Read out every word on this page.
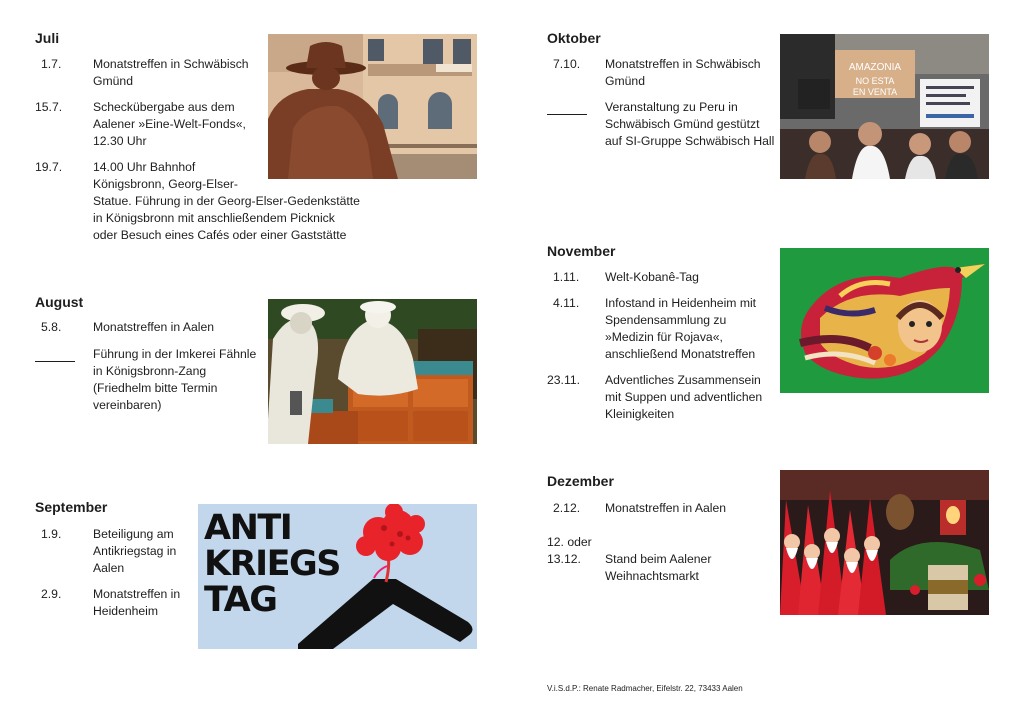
Juli
1.7.	Monatstreffen in Schwäbisch
Gmünd
15.7.	Scheckübergabe aus dem
Aalener »Eine-Welt-Fonds«,
12.30 Uhr
19.7.	14.00 Uhr Bahnhof
Königsbronn, Georg-Elser-
Statue. Führung in der Georg-Elser-Gedenkstätte
in Königsbronn mit anschließendem Picknick
oder Besuch eines Cafés oder einer Gaststätte
August
5.8.	Monatstreffen in Aalen
Führung in der Imkerei Fähnle
in Königsbronn-Zang
(Friedhelm bitte Termin
vereinbaren)
September
1.9.	Beteiligung am
Antikriegstag in
Aalen
2.9.	Monatstreffen in
Heidenheim
ANTI
KRIEGS
TAG
Oktober
7.10. Monatstreffen in Schwäbisch
Gmünd
Veranstaltung zu Peru in
Schwäbisch Gmünd gestützt
auf SI-Gruppe Schwäbisch Hall
AMAZONIA
NO ESTA
EN VENTA
November
1.11. Welt-Kobanê-Tag
4.11. Infostand in Heidenheim mit
Spendensammlung zu
»Medizin für Rojava«,
anschließend Monatstreffen
23.11. Adventliches Zusammensein
mit Suppen und adventlichen
Kleinigkeiten
Dezember
2.12. Monatstreffen in Aalen
12. oder
13.12.	Stand beim Aalener
Weihnachtsmarkt
V.i.S.d.P.: Renate Radmacher, Eifelstr. 22, 73433 Aalen
